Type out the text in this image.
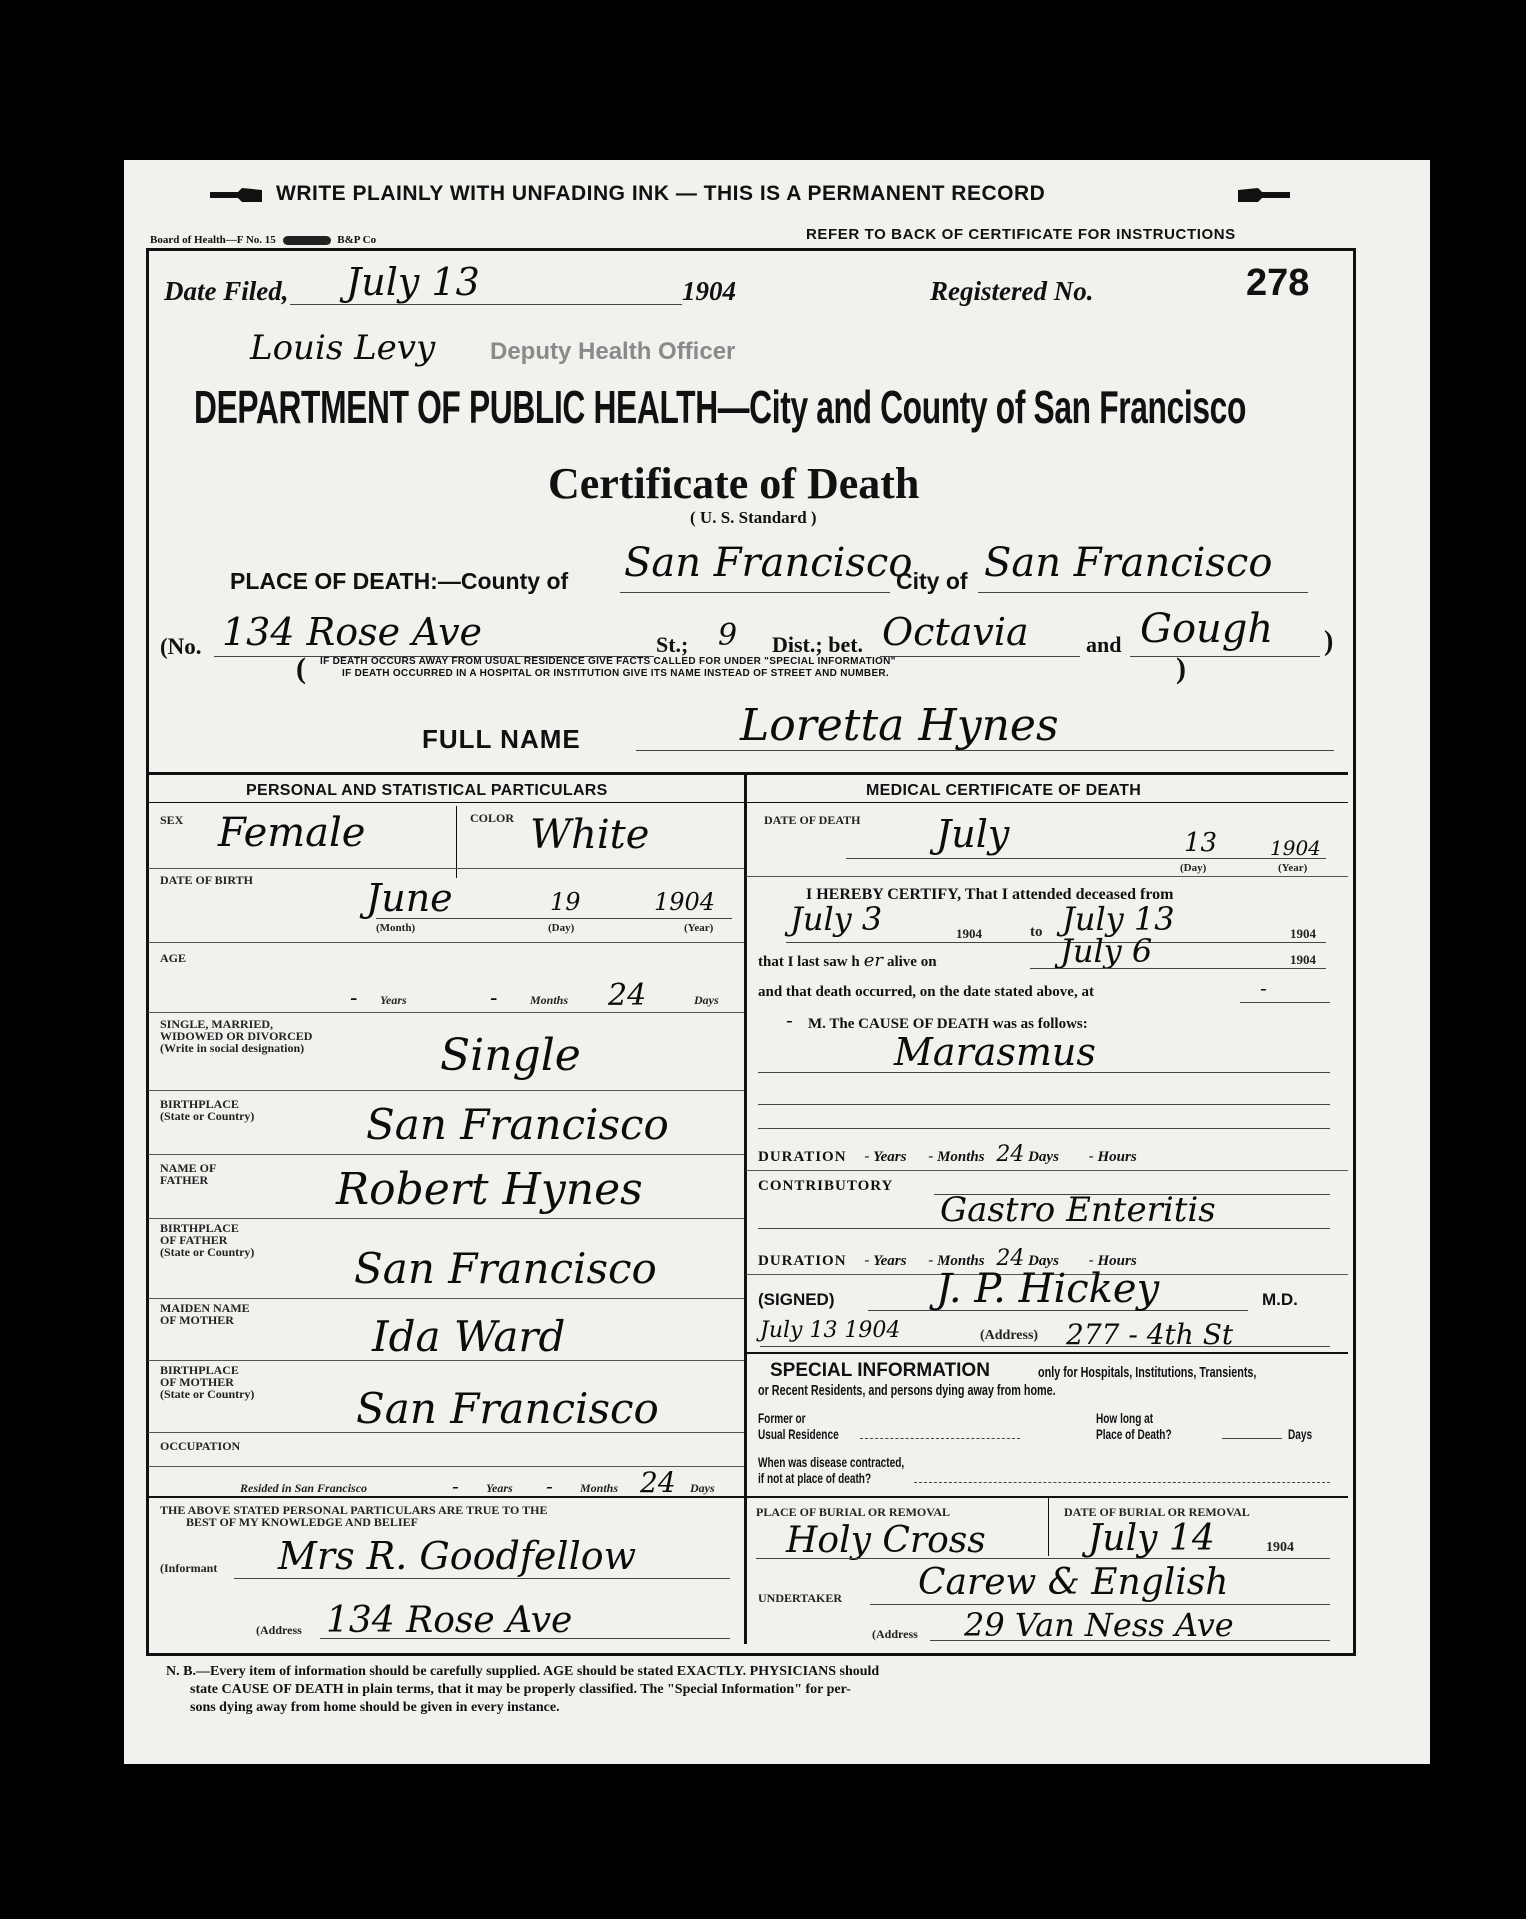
WRITE PLAINLY WITH UNFADING INK — THIS IS A PERMANENT RECORD
Board of Health—F No. 15	B&P Co	REFER TO BACK OF CERTIFICATE FOR INSTRUCTIONS
Date Filed, July 13	1904	Registered No.	278
Louis Levy Deputy Health Officer
DEPARTMENT OF PUBLIC HEALTH—City and County of San Francisco
Certificate of Death
( U. S. Standard )
PLACE OF DEATH:—County of San Francisco
City of San Francisco
(No. 134 Rose Ave	St.; 9 Dist.; bet. Octavia	and Gough )
( IF DEATH OCCURS AWAY FROM USUAL RESIDENCE GIVE FACTS CALLED FOR UNDER "SPECIAL INFORMATION"
IF DEATH OCCURRED IN A HOSPITAL OR INSTITUTION GIVE ITS NAME INSTEAD OF STREET AND NUMBER.	)
FULL NAME	Loretta Hynes
PERSONAL AND STATISTICAL PARTICULARS
SEX Female	COLOR White
DATE OF BIRTH	June	19	1904
(Month)	(Day)	(Year)
AGE
- Years	-	Months 24	Days
SINGLE, MARRIED,
WIDOWED OR DIVORCED
(Write in social designation)	Single
BIRTHPLACE
(State or Country)	San Francisco
NAME OF
FATHER	Robert Hynes
BIRTHPLACE
OF FATHER
(State or Country) San Francisco
MAIDEN NAME
OF MOTHER	Ida Ward
BIRTHPLACE
OF MOTHER
(State or Country) San Francisco
OCCUPATION
Resided in San Francisco	- Years - Months 24 Days
THE ABOVE STATED PERSONAL PARTICULARS ARE TRUE TO THE
BEST OF MY KNOWLEDGE AND BELIEF
(Informant Mrs R. Goodfellow
(Address 134 Rose Ave
MEDICAL CERTIFICATE OF DEATH
DATE OF DEATH July	13	1904
(Day)	(Year)
I HEREBY CERTIFY, That I attended deceased from
July 3	1904	to July 13	1904
that I last saw h er alive on	July 6	1904
and that death occurred, on the date stated above, at	-
- M. The CAUSE OF DEATH was as follows:
Marasmus
DURATION - Years - Months 24 Days - Hours
CONTRIBUTORY
Gastro Enteritis
DURATION - Years - Months 24 Days - Hours
(SIGNED)	J. P. Hickey	M.D.
July 13 1904	(Address) 277 - 4th St
SPECIAL INFORMATION	only for Hospitals, Institutions, Transients,
or Recent Residents, and persons dying away from home.
Former or
Usual Residence
How long at
Place of Death?	Days
When was disease contracted,
if not at place of death?
PLACE OF BURIAL OR REMOVAL	DATE OF BURIAL OR REMOVAL
Holy Cross	July 14	1904
UNDERTAKER Carew & English
(Address 29 Van Ness Ave
N. B.—Every item of information should be carefully supplied. AGE should be stated EXACTLY. PHYSICIANS should
state CAUSE OF DEATH in plain terms, that it may be properly classified. The "Special Information" for per-
sons dying away from home should be given in every instance.
